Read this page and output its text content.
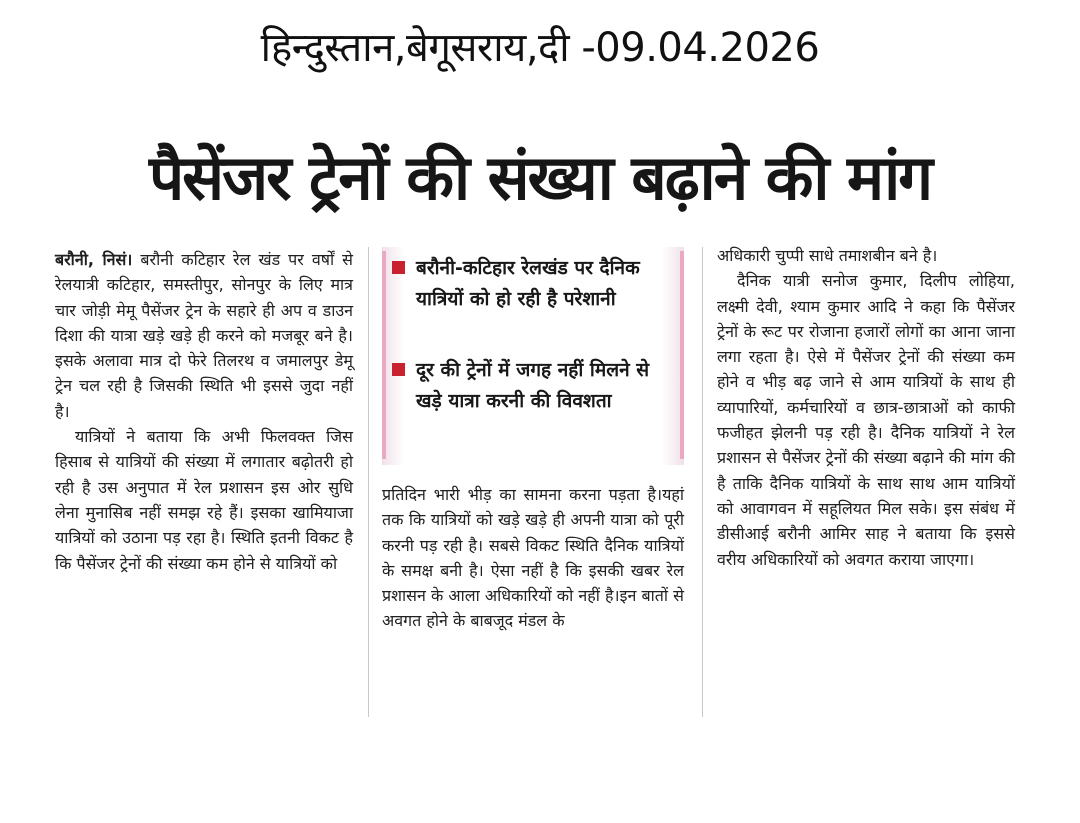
हिन्दुस्तान,बेगूसराय,दी -09.04.2026
पैसेंजर ट्रेनों की संख्या बढ़ाने की मांग

बरौनी, निसं। बरौनी कटिहार रेल खंड पर वर्षों से रेलयात्री कटिहार, समस्तीपुर, सोनपुर के लिए मात्र चार जोड़ी मेमू पैसेंजर ट्रेन के सहारे ही अप व डाउन दिशा की यात्रा खड़े खड़े ही करने को मजबूर बने है। इसके अलावा मात्र दो फेरे तिलरथ व जमालपुर डेमू ट्रेन चल रही है जिसकी स्थिति भी इससे जुदा नहीं है।

यात्रियों ने बताया कि अभी फिलवक्त जिस हिसाब से यात्रियों की संख्या में लगातार बढ़ोतरी हो रही है उस अनुपात में रेल प्रशासन इस ओर सुधि लेना मुनासिब नहीं समझ रहे हैं। इसका खामियाजा यात्रियों को उठाना पड़ रहा है। स्थिति इतनी विकट है कि पैसेंजर ट्रेनों की संख्या कम होने से यात्रियों को

बरौनी-कटिहार रेलखंड पर दैनिक यात्रियों को हो रही है परेशानी
दूर की ट्रेनों में जगह नहीं मिलने से खड़े यात्रा करनी की विवशता

प्रतिदिन भारी भीड़ का सामना करना पड़ता है।यहां तक कि यात्रियों को खड़े खड़े ही अपनी यात्रा को पूरी करनी पड़ रही है। सबसे विकट स्थिति दैनिक यात्रियों के समक्ष बनी है। ऐसा नहीं है कि इसकी खबर रेल प्रशासन के आला अधिकारियों को नहीं है।इन बातों से अवगत होने के बाबजूद मंडल के

अधिकारी चुप्पी साधे तमाशबीन बने है।

दैनिक यात्री सनोज कुमार, दिलीप लोहिया, लक्ष्मी देवी, श्याम कुमार आदि ने कहा कि पैसेंजर ट्रेनों के रूट पर रोजाना हजारों लोगों का आना जाना लगा रहता है। ऐसे में पैसेंजर ट्रेनों की संख्या कम होने व भीड़ बढ़ जाने से आम यात्रियों के साथ ही व्यापारियों, कर्मचारियों व छात्र-छात्राओं को काफी फजीहत झेलनी पड़ रही है। दैनिक यात्रियों ने रेल प्रशासन से पैसेंजर ट्रेनों की संख्या बढ़ाने की मांग की है ताकि दैनिक यात्रियों के साथ साथ आम यात्रियों को आवागवन में सहूलियत मिल सके। इस संबंध में डीसीआई बरौनी आमिर साह ने बताया कि इससे वरीय अधिकारियों को अवगत कराया जाएगा।
